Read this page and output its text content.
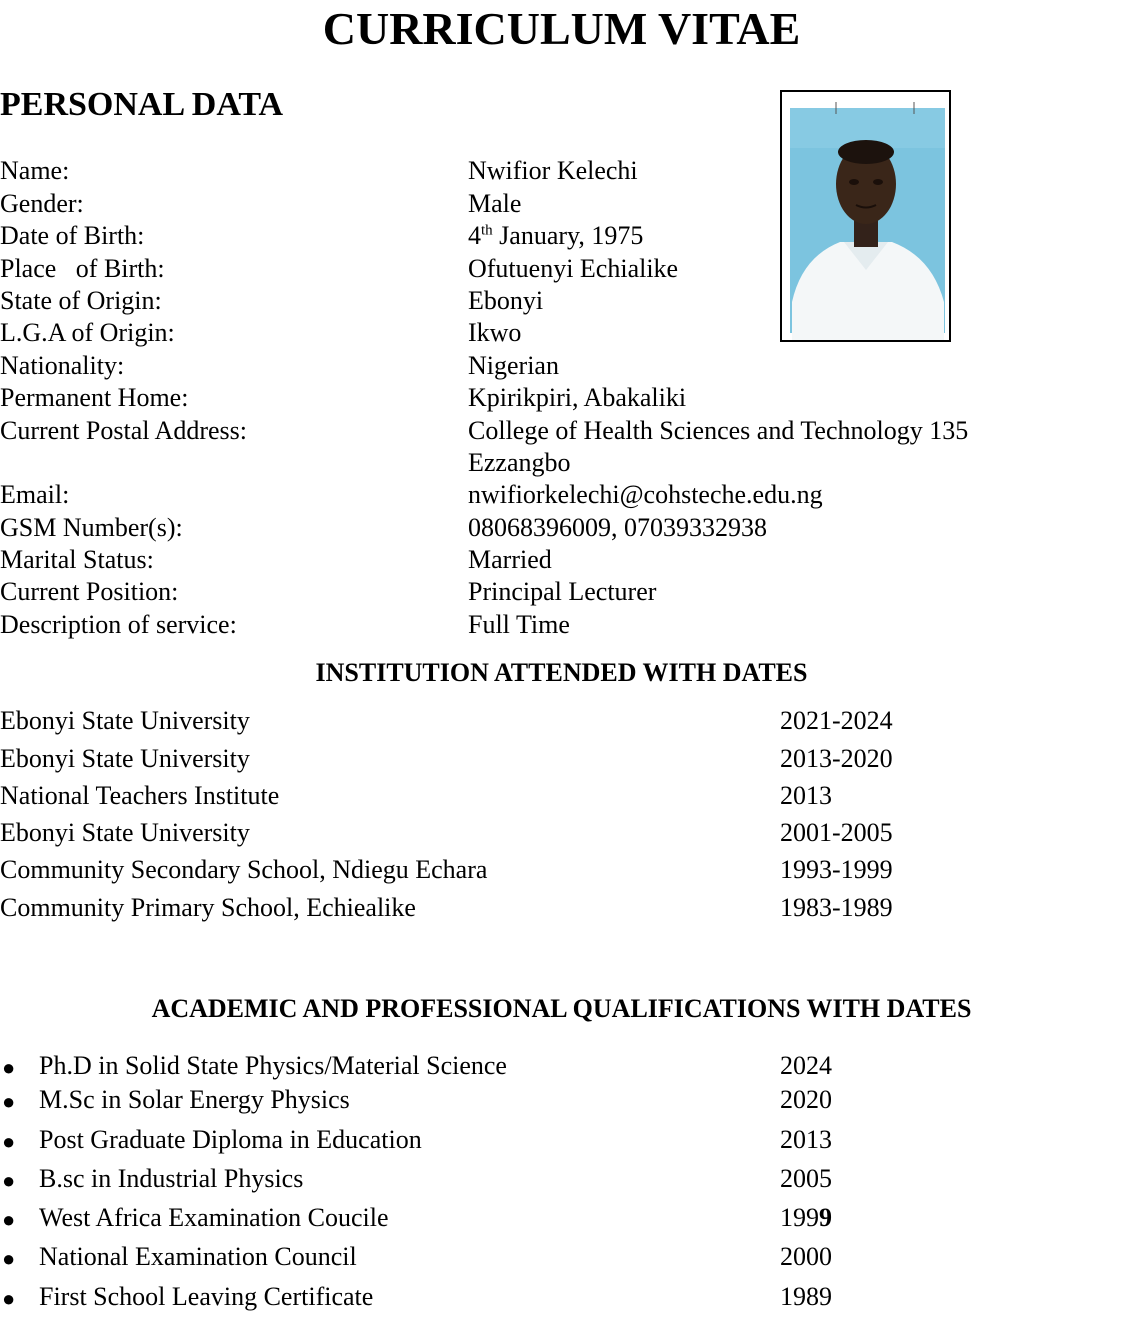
CURRICULUM VITAE
PERSONAL DATA
Name:	Nwifior Kelechi
Gender:	Male
Date of Birth:	4th January, 1975
Place   of Birth:	Ofutuenyi Echialike
State of Origin:	Ebonyi
L.G.A of Origin:	Ikwo
Nationality:	Nigerian
Permanent Home:	Kpirikpiri, Abakaliki
Current Postal Address:	College of Health Sciences and Technology 135
Ezzangbo
Email:	nwifiorkelechi@cohsteche.edu.ng
GSM Number(s):	08068396009, 07039332938
Marital Status:	Married
Current Position:	Principal Lecturer
Description of service:	Full Time
INSTITUTION ATTENDED WITH DATES
Ebonyi State University	2021-2024
Ebonyi State University	2013-2020
National Teachers Institute	2013
Ebonyi State University	2001-2005
Community Secondary School, Ndiegu Echara	1993-1999
Community Primary School, Echiealike	1983-1989
ACADEMIC AND PROFESSIONAL QUALIFICATIONS WITH DATES
● Ph.D in Solid State Physics/Material Science	2024
● M.Sc in Solar Energy Physics	2020
● Post Graduate Diploma in Education	2013
● B.sc in Industrial Physics	2005
● West Africa Examination Coucile	1999
● National Examination Council	2000
● First School Leaving Certificate	1989
